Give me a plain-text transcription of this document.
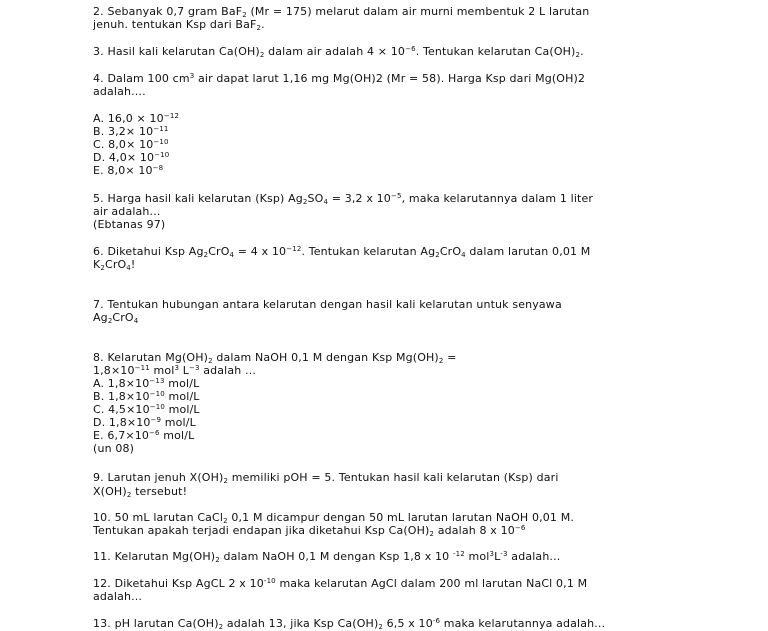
2. Sebanyak 0,7 gram BaF$_2$ (Mr = 175) melarut dalam air murni membentuk 2 L larutan
jenuh. tentukan Ksp dari BaF$_2$.
3. Hasil kali kelarutan $Ca(OH)_2$ dalam air adalah $4 \times 10^{-6}$. Tentukan kelarutan $Ca(OH)_2$.
4. Dalam 100 $cm^3$ air dapat larut 1,16 mg Mg(OH)2 (Mr = 58). Harga Ksp dari Mg(OH)2
adalah....
A. $16,0 \times 10^{-12}$
B. $3,2\times 10^{-11}$
C. $8,0\times 10^{-10}$
D. $4,0\times 10^{-10}$
E. $8,0\times 10^{-8}$
5. Harga hasil kali kelarutan (Ksp) $Ag_2SO_4 = 3,2$ x $10^{-5}$, maka kelarutannya dalam 1 liter
air adalah...
(Ebtanas 97)
6. Diketahui Ksp $Ag_2CrO_4 = 4$ x $10^{-12}$. Tentukan kelarutan $Ag_2CrO_4$ dalam larutan 0,01 M
$K_2CrO_4$!
7. Tentukan hubungan antara kelarutan dengan hasil kali kelarutan untuk senyawa
$Ag_2CrO_4$
8. Kelarutan $Mg(OH)_2$ dalam NaOH 0,1 M dengan Ksp $Mg(OH)_2$ =
$1,8\times 10^{-11}$ mol$^3$ $L^{-3}$ adalah ...
A. $1,8\times 10^{-13}$ mol/L
B. $1,8\times 10^{-10}$ mol/L
C. $4,5\times 10^{-10}$ mol/L
D. $1,8\times 10^{-9}$ mol/L
E. $6,7\times 10^{-6}$ mol/L
(un 08)
9. Larutan jenuh $X(OH)_2$ memiliki pOH = 5. Tentukan hasil kali kelarutan (Ksp) dari
$X(OH)_2$ tersebut!
10. 50 mL larutan CaCl$_2$ 0,1 M dicampur dengan 50 mL larutan larutan NaOH 0,01 M.
Tentukan apakah terjadi endapan jika diketahui Ksp $Ca(OH)_2$ adalah 8 x $10^{-6}$
11. Kelarutan $Mg(OH)_2$ dalam NaOH 0,1 M dengan Ksp 1,8 x 10 $^{-12}$ $mol^3L^{-3}$ adalah...
12. Diketahui Ksp AgCL 2 x $10^{-10}$ maka kelarutan AgCl dalam 200 ml larutan NaCl 0,1 M
adalah...
13. pH larutan $Ca(OH)_2$ adalah 13, jika Ksp $Ca(OH)_2$ 6,5 x $10^{-6}$ maka kelarutannya adalah...
